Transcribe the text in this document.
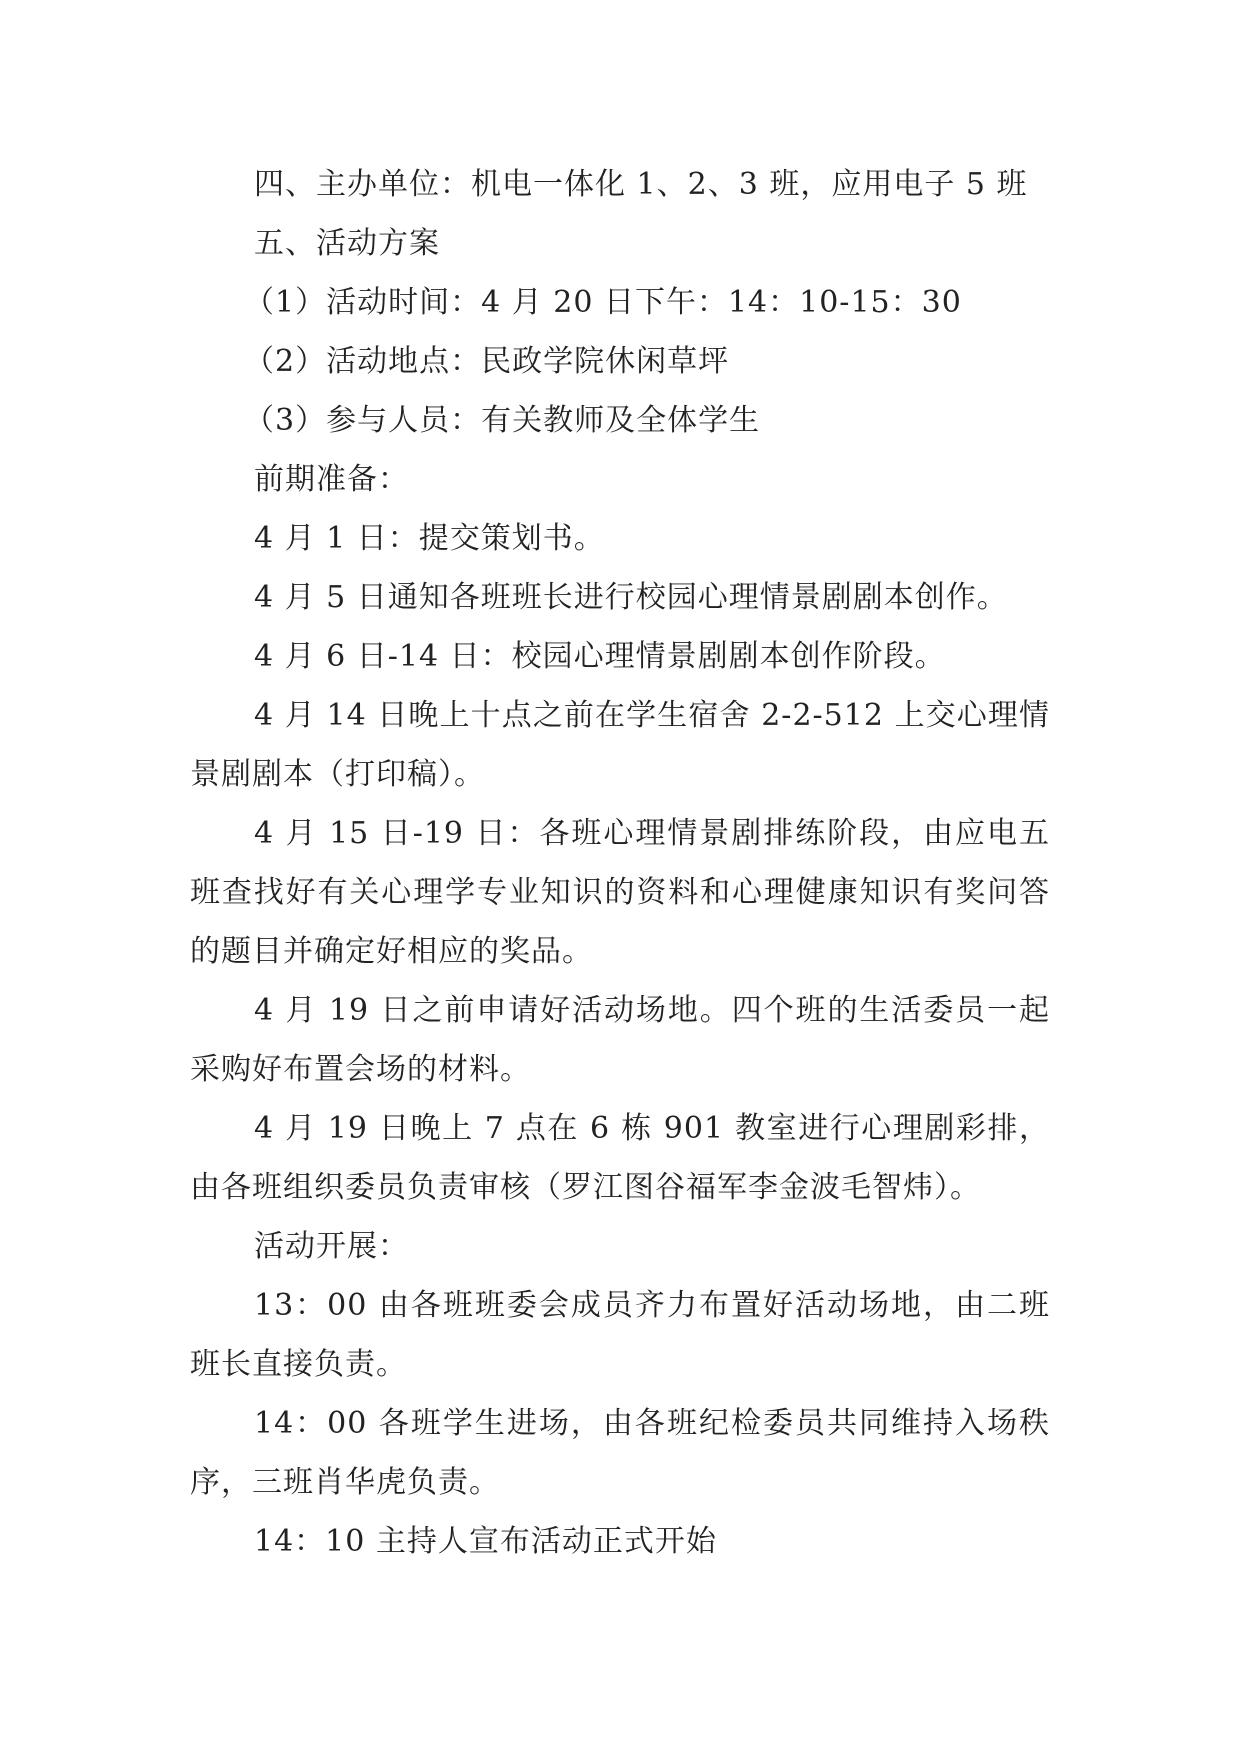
四、主办单位：机电一体化 1、2、3 班，应用电子 5 班

五、活动方案

（1）活动时间：4 月 20 日下午：14：10-15：30

（2）活动地点：民政学院休闲草坪

（3）参与人员：有关教师及全体学生

前期准备：

4 月 1 日：提交策划书。

4 月 5 日通知各班班长进行校园心理情景剧剧本创作。

4 月 6 日-14 日：校园心理情景剧剧本创作阶段。

4 月 14 日晚上十点之前在学生宿舍 2-2-512 上交心理情景剧剧本（打印稿）。

4 月 15 日-19 日：各班心理情景剧排练阶段，由应电五班查找好有关心理学专业知识的资料和心理健康知识有奖问答的题目并确定好相应的奖品。

4 月 19 日之前申请好活动场地。四个班的生活委员一起采购好布置会场的材料。

4 月 19 日晚上 7 点在 6 栋 901 教室进行心理剧彩排，由各班组织委员负责审核（罗江图谷福军李金波毛智炜）。

活动开展：

13：00 由各班班委会成员齐力布置好活动场地，由二班班长直接负责。

14：00 各班学生进场，由各班纪检委员共同维持入场秩序，三班肖华虎负责。

14：10 主持人宣布活动正式开始
